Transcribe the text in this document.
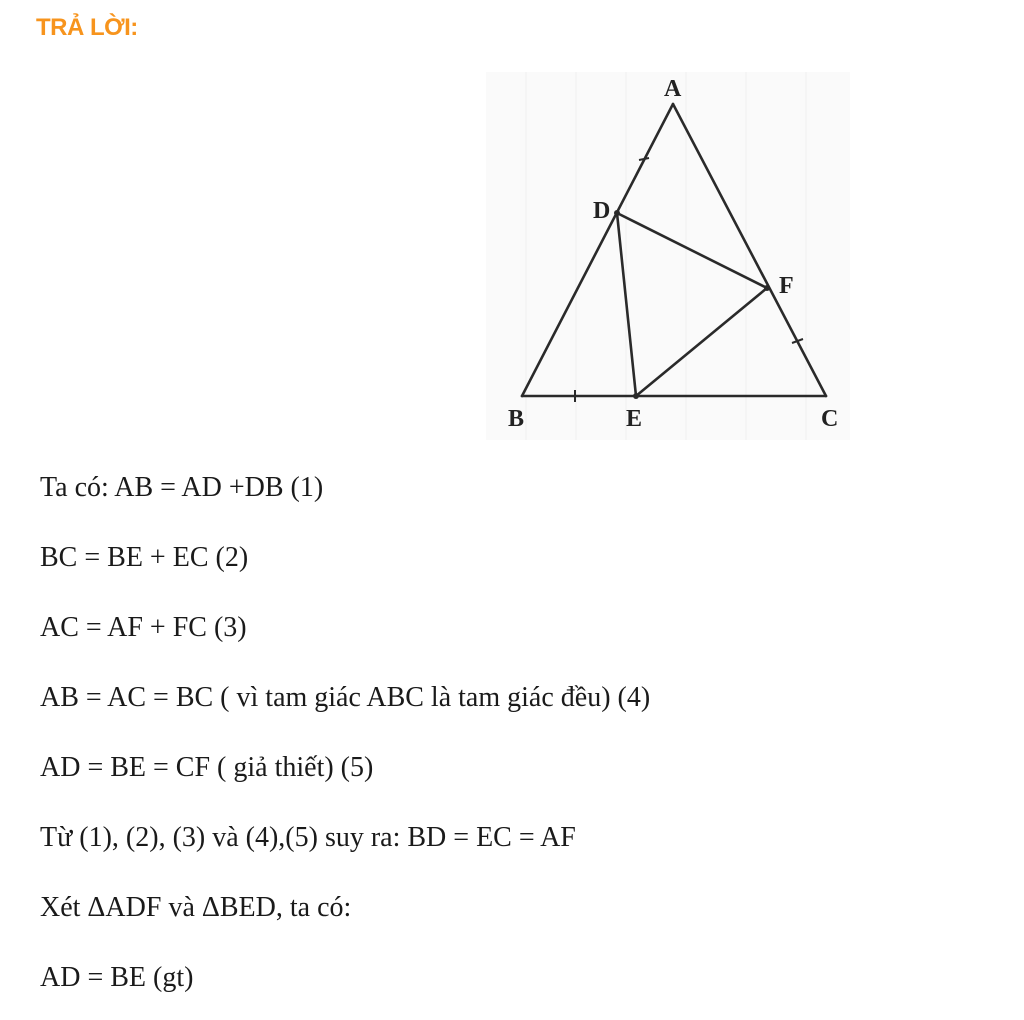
TRẢ LỜI:
A
B	C
D
E
F
Ta có: AB = AD +DB (1)
BC = BE + EC (2)
AC = AF + FC (3)
AB = AC = BC ( vì tam giác ABC là tam giác đều) (4)
AD = BE = CF ( giả thiết) (5)
Từ (1), (2), (3) và (4),(5) suy ra: BD = EC = AF
Xét ΔADF và ΔBED, ta có:
AD = BE (gt)
